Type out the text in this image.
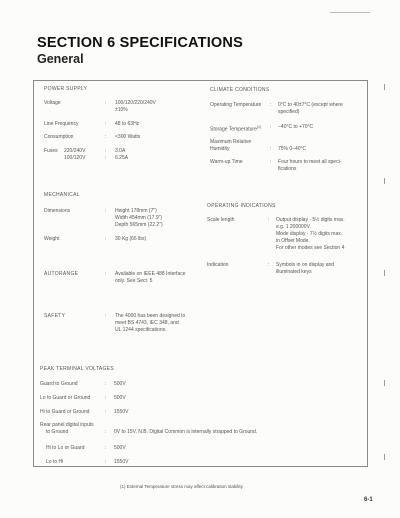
SECTION 6 SPECIFICATIONS
General
POWER SUPPLY
Voltage	: 100/120/220/240V
±10%
Line Frequency	: 48 to 63Hz
Consumption	: <300 Watts
Fuses 220/240V	: 3.0A
100/120V	: 6.25A
CLIMATE CONDITIONS
Operating Temperature : 0°C to 40±7°C (except where
specified)
Storage Temperature$^{(1)}$ : −40°C to +70°C
Maximum Relative
Humidity	: 75% 0–40°C
Warm-up Time	: Four hours to meet all speci-
fications
MECHANICAL
Dimensions	: Height 178mm (7")
Width 454mm (17.9")
Depth 565mm (22.2")
Weight	: 30 Kg (66 lbs)
OPERATING INDICATIONS
Scale length	: Output display · 5½ digits max.
e.g. 1 200000V.
Mode display · 7½ digits max.
in Offset Mode.
For other modes see Section 4
Indication	: Symbols in on display and
illuminated keys
AUTORANGE	: Available on IEEE 488 Interface
only. See Sect. 5
SAFETY	: The 4000 has been designed to
meet BS 4743, IEC 348, and
UL 1244 specifications.
PEAK TERMINAL VOLTAGES
Guard to Ground	: 500V
Lo to Guard or Ground	: 500V
Hi to Guard or Ground	: 1550V
Rear panel digital inputs
to Ground	: 0V to 15V. N.B. Digital Common is internally strapped to Ground.
Hi to Lo or Guard	: 500V
Lo to Hi	: 1550V
(1) External Temperature stress may affect calibration stability
6-1
